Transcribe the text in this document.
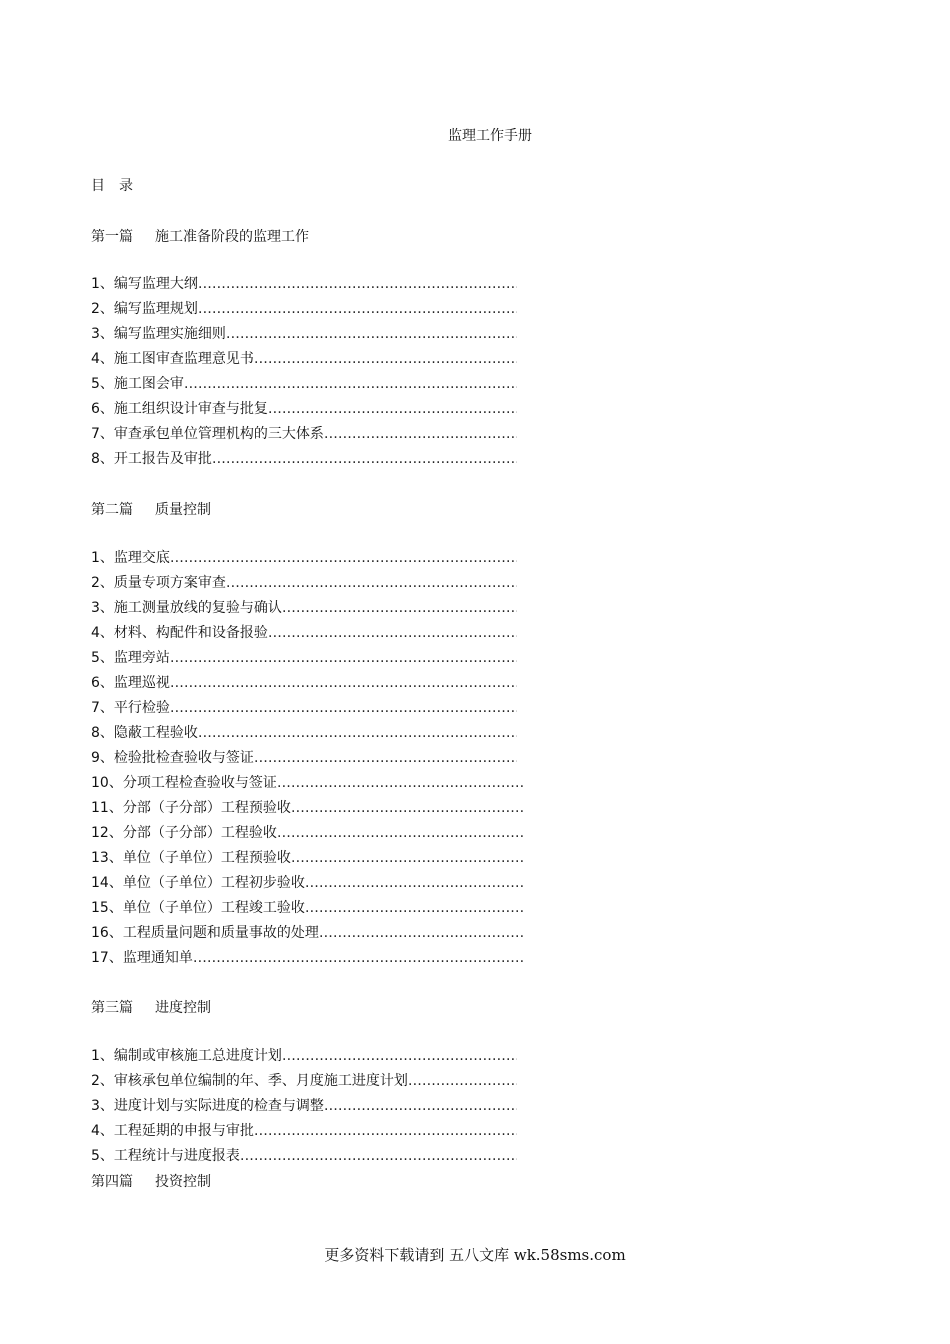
监理工作手册
目　录
第一篇 施工准备阶段的监理工作
1、编写监理大纲
……………………………………………………………………………………………………………………………………………………………………
2、编写监理规划
……………………………………………………………………………………………………………………………………………………………………
3、编写监理实施细则
……………………………………………………………………………………………………………………………………………………………………
4、施工图审查监理意见书
……………………………………………………………………………………………………………………………………………………………………
5、施工图会审
……………………………………………………………………………………………………………………………………………………………………
6、施工组织设计审查与批复
……………………………………………………………………………………………………………………………………………………………………
7、审查承包单位管理机构的三大体系
……………………………………………………………………………………………………………………………………………………………………
8、开工报告及审批
……………………………………………………………………………………………………………………………………………………………………
第二篇 质量控制
1、监理交底
……………………………………………………………………………………………………………………………………………………………………
2、质量专项方案审查
……………………………………………………………………………………………………………………………………………………………………
3、施工测量放线的复验与确认
……………………………………………………………………………………………………………………………………………………………………
4、材料、构配件和设备报验
……………………………………………………………………………………………………………………………………………………………………
5、监理旁站
……………………………………………………………………………………………………………………………………………………………………
6、监理巡视
……………………………………………………………………………………………………………………………………………………………………
7、平行检验
……………………………………………………………………………………………………………………………………………………………………
8、隐蔽工程验收
……………………………………………………………………………………………………………………………………………………………………
9、检验批检查验收与签证
……………………………………………………………………………………………………………………………………………………………………
10、分项工程检查验收与签证
……………………………………………………………………………………………………………………………………………………………………
11、分部（子分部）工程预验收
……………………………………………………………………………………………………………………………………………………………………
12、分部（子分部）工程验收
……………………………………………………………………………………………………………………………………………………………………
13、单位（子单位）工程预验收
……………………………………………………………………………………………………………………………………………………………………
14、单位（子单位）工程初步验收
……………………………………………………………………………………………………………………………………………………………………
15、单位（子单位）工程竣工验收
……………………………………………………………………………………………………………………………………………………………………
16、工程质量问题和质量事故的处理
……………………………………………………………………………………………………………………………………………………………………
17、监理通知单
……………………………………………………………………………………………………………………………………………………………………
第三篇 进度控制
1、编制或审核施工总进度计划
……………………………………………………………………………………………………………………………………………………………………
2、审核承包单位编制的年、季、月度施工进度计划
……………………………………………………………………………………………………………………………………………………………………
3、进度计划与实际进度的检查与调整
……………………………………………………………………………………………………………………………………………………………………
4、工程延期的申报与审批
……………………………………………………………………………………………………………………………………………………………………
5、工程统计与进度报表
……………………………………………………………………………………………………………………………………………………………………
第四篇 投资控制
更多资料下载请到 五八文库 wk.58sms.com
